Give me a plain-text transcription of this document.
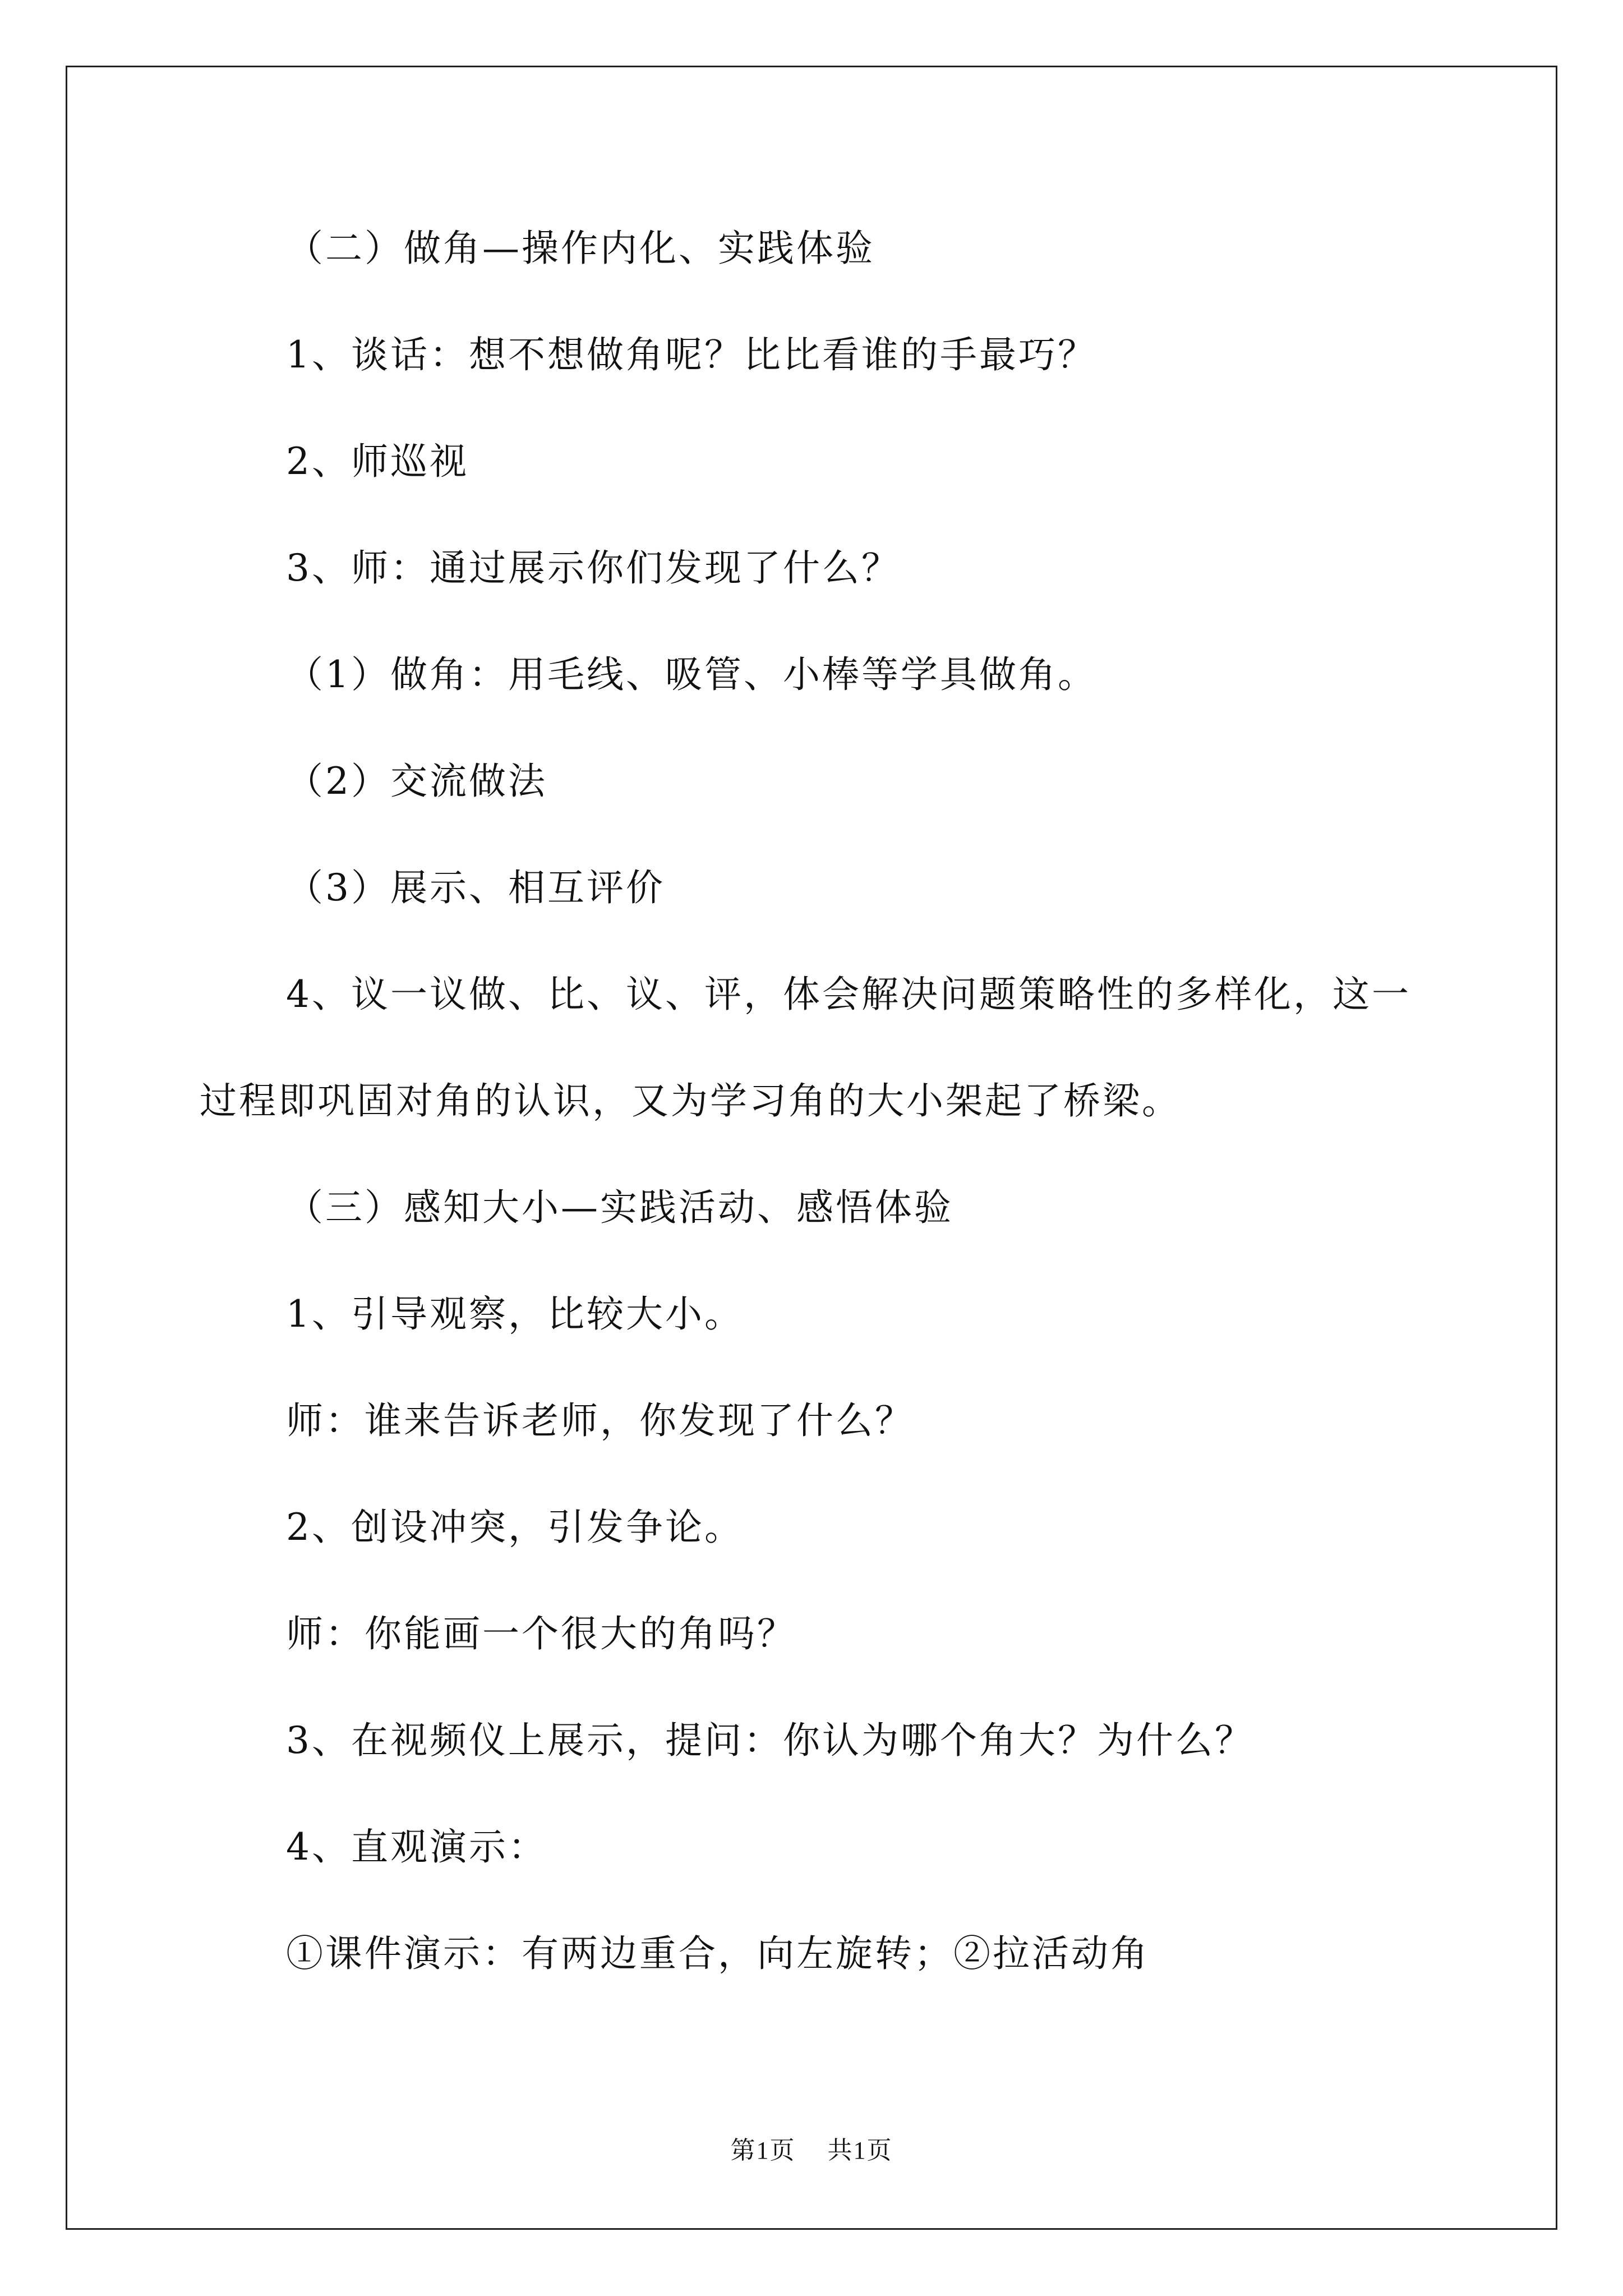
（二）做角—操作内化、实践体验
1、谈话：想不想做角呢？比比看谁的手最巧？
2、师巡视
3、师：通过展示你们发现了什么？
（1）做角：用毛线、吸管、小棒等学具做角。
（2）交流做法
（3）展示、相互评价
4、议一议做、比、议、评，体会解决问题策略性的多样化，这一
过程即巩固对角的认识，又为学习角的大小架起了桥梁。
（三）感知大小—实践活动、感悟体验
1、引导观察，比较大小。
师：谁来告诉老师，你发现了什么？
2、创设冲突，引发争论。
师：你能画一个很大的角吗？
3、在视频仪上展示，提问：你认为哪个角大？为什么？
4、直观演示：
①课件演示：有两边重合，向左旋转；②拉活动角
第1页 共1页
